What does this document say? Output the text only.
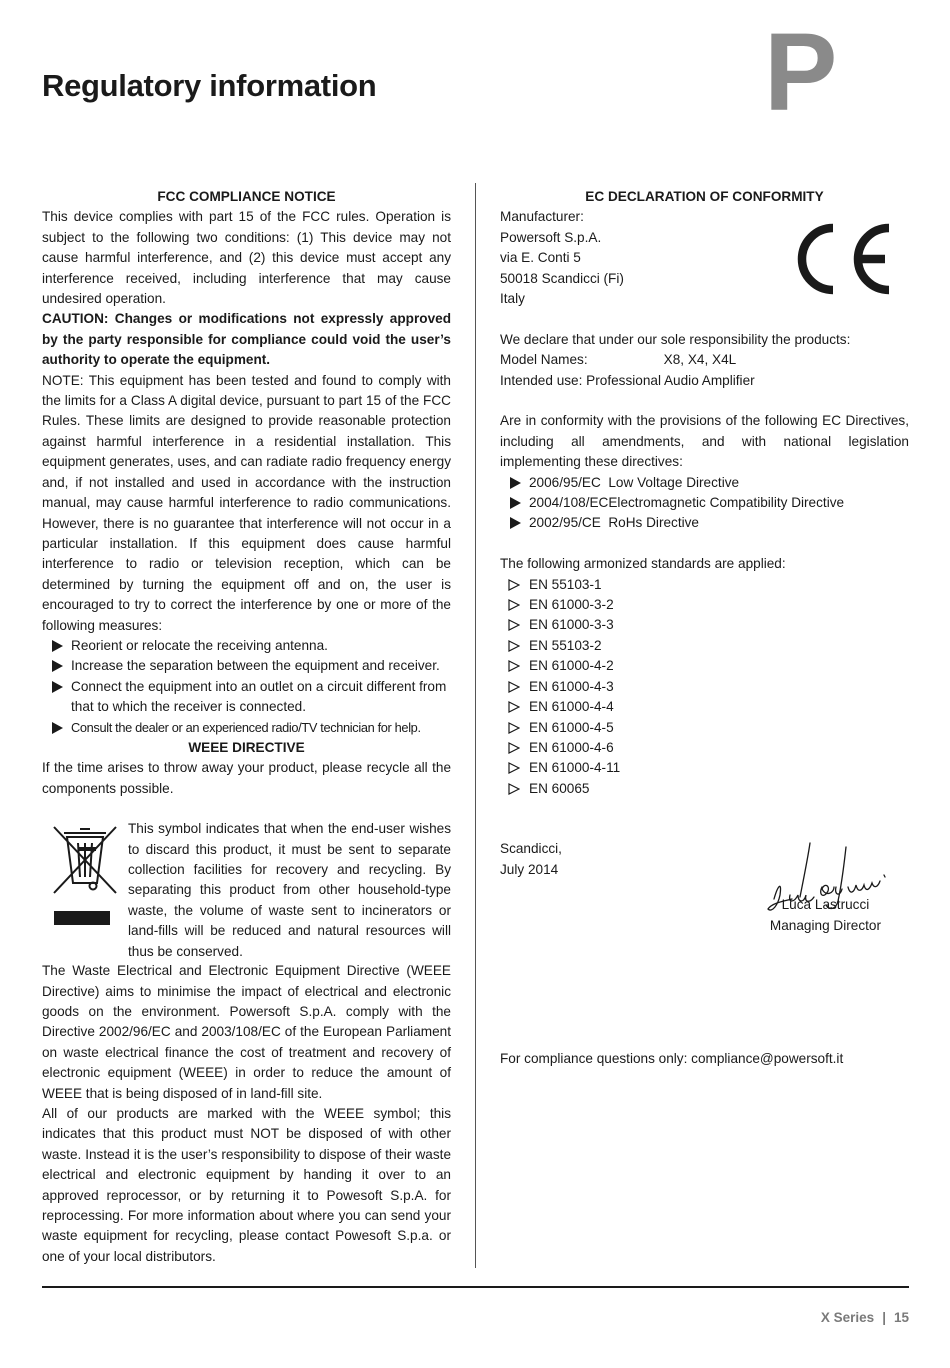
Regulatory information	P
FCC COMPLIANCE NOTICE

This device complies with part 15 of the FCC rules. Operation is subject to the following two conditions: (1) This device may not cause harmful interference, and (2) this device must accept any interference received, including interference that may cause undesired operation.

CAUTION: Changes or modifications not expressly approved by the party responsible for compliance could void the user’s authority to operate the equipment.

NOTE: This equipment has been tested and found to comply with the limits for a Class A digital device, pursuant to part 15 of the FCC Rules. These limits are designed to provide reasonable protection against harmful interference in a residential installation. This equipment generates, uses, and can radiate radio frequency energy and, if not installed and used in accordance with the instruction manual, may cause harmful interference to radio communications. However, there is no guarantee that interference will not occur in a particular installation. If this equipment does cause harmful interference to radio or television reception, which can be determined by turning the equipment off and on, the user is encouraged to try to correct the interference by one or more of the following measures:

Reorient or relocate the receiving antenna.
Increase the separation between the equipment and receiver.
Connect the equipment into an outlet on a circuit different from that to which the receiver is connected.
Consult the dealer or an experienced radio/TV technician for help.
WEEE DIRECTIVE

If the time arises to throw away your product, please recycle all the components possible.

This symbol indicates that when the end-user wishes to discard this product, it must be sent to separate collection facilities for recovery and recycling. By separating this product from other household-type waste, the volume of waste sent to incinerators or land-fills will be reduced and natural resources will thus be conserved.

The Waste Electrical and Electronic Equipment Directive (WEEE Directive) aims to minimise the impact of electrical and electronic goods on the environment. Powersoft S.p.A. comply with the Directive 2002/96/EC and 2003/108/EC of the European Parliament on waste electrical finance the cost of treatment and recovery of electronic equipment (WEEE) in order to reduce the amount of WEEE that is being disposed of in land-fill site.

All of our products are marked with the WEEE symbol; this indicates that this product must NOT be disposed of with other waste. Instead it is the user’s responsibility to dispose of their waste electrical and electronic equipment by handing it over to an approved reprocessor, or by returning it to Powesoft S.p.A. for reprocessing. For more information about where you can send your waste equipment for recycling, please contact Powesoft S.p.a. or one of your local distributors.

EC DECLARATION OF CONFORMITY
Manufacturer:
Powersoft S.p.A.
via E. Conti 5
50018 Scandicci (Fi)
Italy
We declare that under our sole responsibility the products:
Model Names:	X8, X4, X4L
Intended use: Professional Audio Amplifier

Are in conformity with the provisions of the following EC Directives, including all amendments, and with national legislation implementing these directives:

2006/95/EC  Low Voltage Directive
2004/108/ECElectromagnetic Compatibility Directive
2002/95/CE  RoHs Directive
The following armonized standards are applied:
EN 55103-1
EN 61000-3-2
EN 61000-3-3
EN 55103-2
EN 61000-4-2
EN 61000-4-3
EN 61000-4-4
EN 61000-4-5
EN 61000-4-6
EN 61000-4-11
EN 60065
Scandicci,
July 2014
Luca Lastrucci
Managing Director
For compliance questions only: compliance@powersoft.it
X Series | 15
